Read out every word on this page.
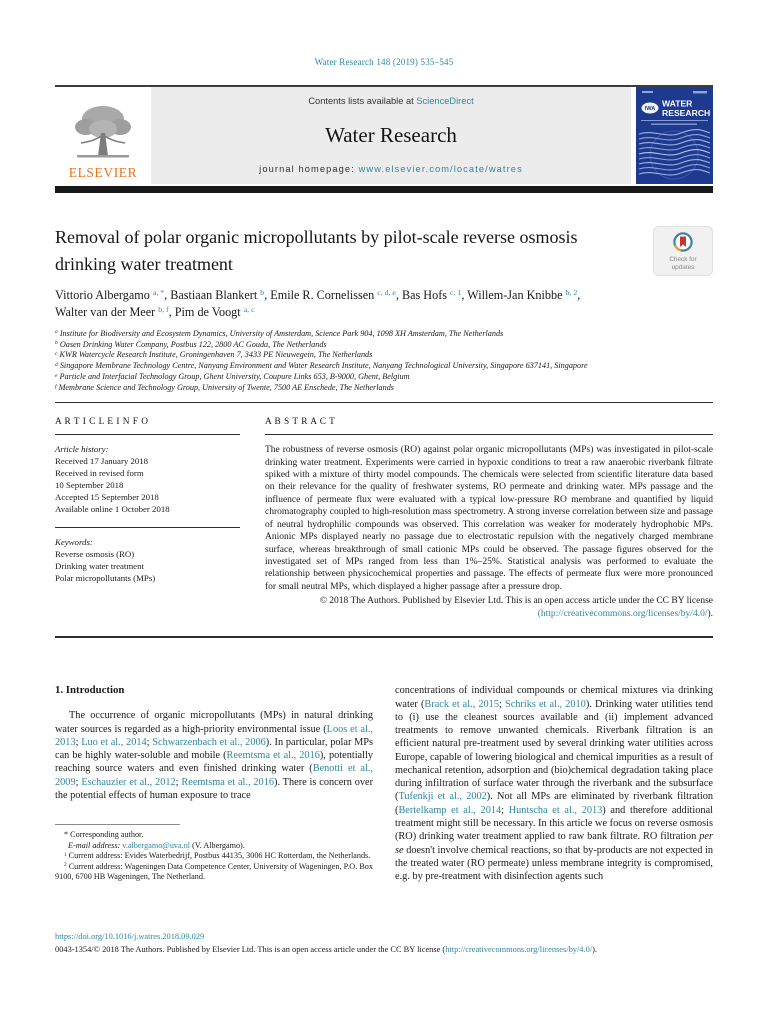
Water Research 148 (2019) 535–545
ELSEVIER
Contents lists available at ScienceDirect
Water Research
journal homepage: www.elsevier.com/locate/watres
IWA
WATER
RESEARCH
Removal of polar organic micropollutants by pilot-scale reverse osmosis drinking water treatment	Check for updates
Vittorio Albergamo $^{a, *}$, Bastiaan Blankert $^b$, Emile R. Cornelissen $^{c, d, e}$, Bas Hofs $^{c, 1}$, Willem-Jan Knibbe $^{b, 2}$, Walter van der Meer $^{b, f}$, Pim de Voogt $^{a, c}$

$^a$ Institute for Biodiversity and Ecosystem Dynamics, University of Amsterdam, Science Park 904, 1098 XH Amsterdam, The Netherlands

$^b$ Oasen Drinking Water Company, Postbus 122, 2800 AC Gouda, The Netherlands

$^c$ KWR Watercycle Research Institute, Groningenhaven 7, 3433 PE Nieuwegein, The Netherlands

$^d$ Singapore Membrane Technology Centre, Nanyang Environment and Water Research Institute, Nanyang Technological University, Singapore 637141, Singapore

$^e$ Particle and Interfacial Technology Group, Ghent University, Coupure Links 653, B-9000, Ghent, Belgium

$^f$ Membrane Science and Technology Group, University of Twente, 7500 AE Enschede, The Netherlands

A R T I C L E I N F O

Article history:

Received 17 January 2018

Received in revised form

10 September 2018

Accepted 15 September 2018

Available online 1 October 2018

Keywords:

Reverse osmosis (RO)

Drinking water treatment

Polar micropollutants (MPs)

A B S T R A C T

The robustness of reverse osmosis (RO) against polar organic micropollutants (MPs) was investigated in pilot-scale drinking water treatment. Experiments were carried in hypoxic conditions to treat a raw anaerobic riverbank filtrate spiked with a mixture of thirty model compounds. The chemicals were selected from scientific literature data based on their relevance for the quality of freshwater systems, RO permeate and drinking water. MPs passage and the influence of permeate flux were evaluated with a typical low-pressure RO membrane and quantified by liquid chromatography coupled to high-resolution mass spectrometry. A strong inverse correlation between size and passage of neutral hydrophilic compounds was observed. This correlation was weaker for moderately hydrophobic MPs. Anionic MPs displayed nearly no passage due to electrostatic repulsion with the negatively charged membrane surface, whereas breakthrough of small cationic MPs could be observed. The passage figures observed for the investigated set of MPs ranged from less than 1%–25%. Statistical analysis was performed to evaluate the relationship between physicochemical properties and passage. The effects of permeate flux were more pronounced for small neutral MPs, which displayed a higher passage after a pressure drop.

© 2018 The Authors. Published by Elsevier Ltd. This is an open access article under the CC BY license (http://creativecommons.org/licenses/by/4.0/).

1. Introduction

The occurrence of organic micropollutants (MPs) in natural drinking water sources is regarded as a high-priority environmental issue (Loos et al., 2013; Luo et al., 2014; Schwarzenbach et al., 2006). In particular, polar MPs can be highly water-soluble and mobile (Reemtsma et al., 2016), potentially reaching source waters and even finished drinking water (Benotti et al., 2009; Eschauzier et al., 2012; Reemtsma et al., 2016). There is concern over the potential effects of human exposure to trace

* Corresponding author.

E-mail address: v.albergamo@uva.nl (V. Albergamo).

$^1$ Current address: Evides Waterbedrijf, Postbus 44135, 3006 HC Rotterdam, the Netherlands.

$^2$ Current address: Wageningen Data Competence Center, University of Wageningen, P.O. Box 9100, 6700 HB Wageningen, The Netherland.

concentrations of individual compounds or chemical mixtures via drinking water (Brack et al., 2015; Schriks et al., 2010). Drinking water utilities tend to (i) use the cleanest sources available and (ii) implement advanced treatments to remove unwanted chemicals. Riverbank filtration is an efficient natural pre-treatment used by several drinking water utilities across Europe, capable of lowering biological and chemical impurities as a result of mechanical retention, adsorption and (bio)chemical degradation taking place during infiltration of surface water through the riverbank and the subsurface (Tufenkji et al., 2002). Not all MPs are eliminated by riverbank filtration (Bertelkamp et al., 2014; Huntscha et al., 2013) and therefore additional treatment might still be necessary. In this article we focus on reverse osmosis (RO) drinking water treatment applied to raw bank filtrate. RO filtration per se doesn't involve chemical reactions, so that by-products are not expected in the treated water (RO permeate) unless membrane integrity is compromised, e.g. by pre-treatment with disinfection agents such

https://doi.org/10.1016/j.watres.2018.09.029
0043-1354/© 2018 The Authors. Published by Elsevier Ltd. This is an open access article under the CC BY license (http://creativecommons.org/licenses/by/4.0/).
